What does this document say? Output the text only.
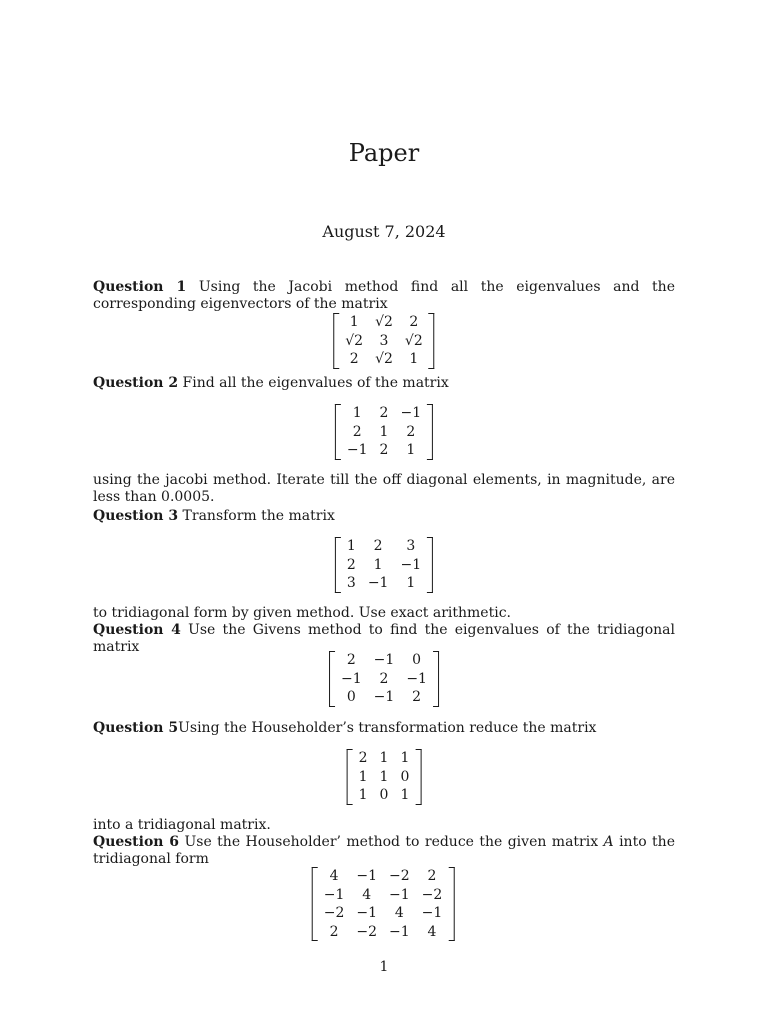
Paper
August 7, 2024

Question 1 Using the Jacobi method find all the eigenvalues and the corresponding eigenvectors of the matrix

1	√2	2
√2	3	√2
2	√2	1

Question 2 Find all the eigenvalues of the matrix

1	2	−1
2	1	2
−1	2	1

using the jacobi method. Iterate till the off diagonal elements, in magnitude, are less than 0.0005.

Question 3 Transform the matrix

1	2	3
2	1	−1
3	−1	1

to tridiagonal form by given method. Use exact arithmetic.

Question 4 Use the Givens method to find the eigenvalues of the tridiagonal matrix

2	−1	0
−1	2	−1
0	−1	2

Question 5Using the Householder’s transformation reduce the matrix

2	1	1
1	1	0
1	0	1

into a tridiagonal matrix.

Question 6 Use the Householder’ method to reduce the given matrix A into the tridiagonal form

4	−1	−2	2
−1	4	−1	−2
−2	−1	4	−1
2	−2	−1	4
1
